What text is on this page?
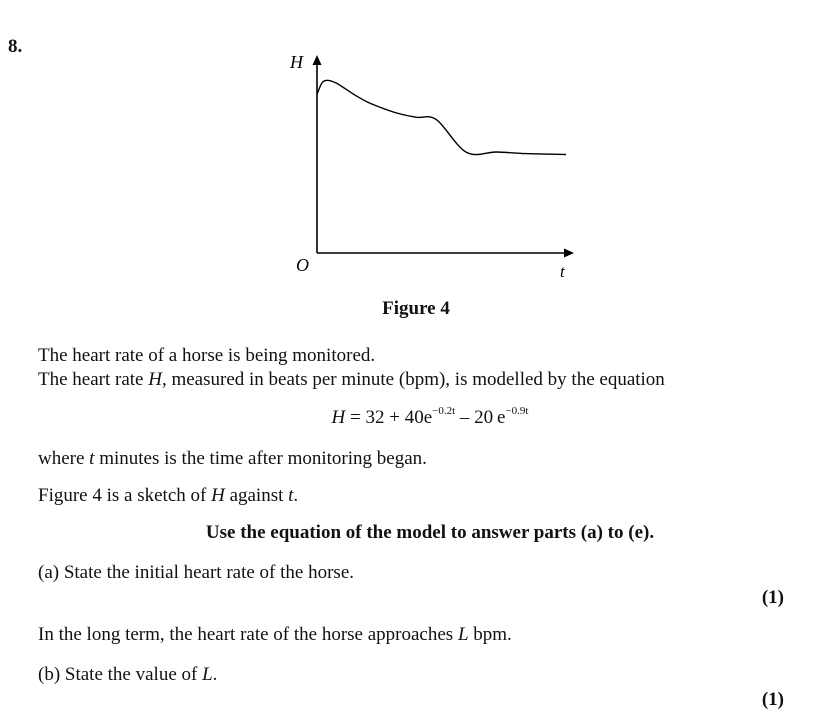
8.
H
t
O
Figure 4
The heart rate of a horse is being monitored.
The heart rate H, measured in beats per minute (bpm), is modelled by the equation
$H = 32 + 40e^{-0.2t} - 20$ $e^{-0.9t}$
where t minutes is the time after monitoring began.
Figure 4 is a sketch of H against t.
Use the equation of the model to answer parts (a) to (e).
(a) State the initial heart rate of the horse.
(1)
In the long term, the heart rate of the horse approaches L bpm.
(b) State the value of L.
(1)
